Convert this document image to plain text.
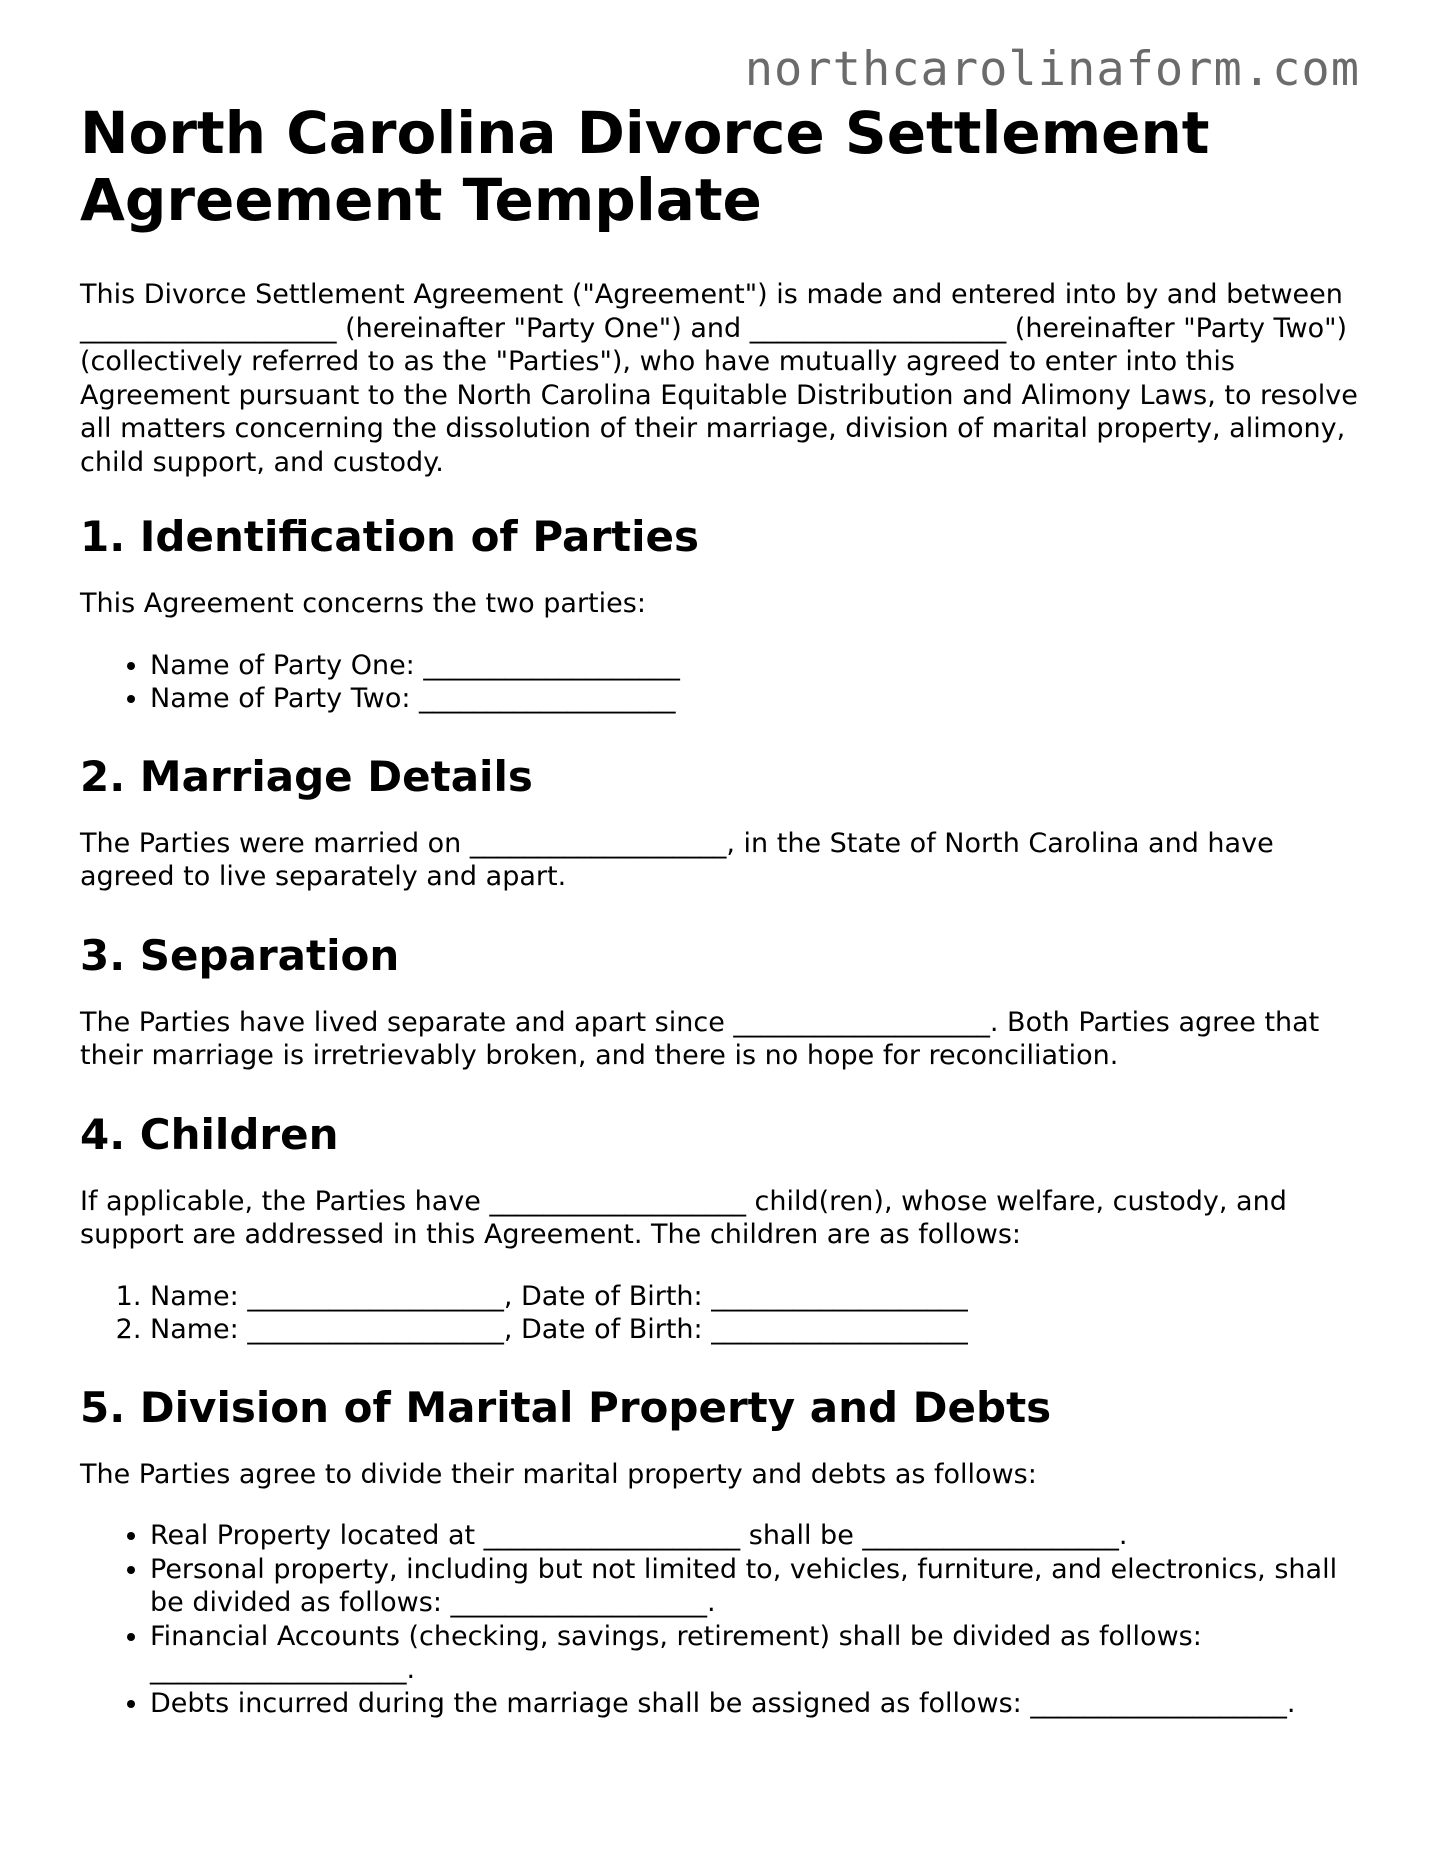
northcarolinaform.com
North Carolina Divorce Settlement Agreement Template

This Divorce Settlement Agreement ("Agreement") is made and entered into by and between ___________________ (hereinafter "Party One") and ___________________ (hereinafter "Party Two") (collectively referred to as the "Parties"), who have mutually agreed to enter into this Agreement pursuant to the North Carolina Equitable Distribution and Alimony Laws, to resolve all matters concerning the dissolution of their marriage, division of marital property, alimony, child support, and custody.

1. Identification of Parties

This Agreement concerns the two parties:

• Name of Party One: ___________________
• Name of Party Two: ___________________
2. Marriage Details

The Parties were married on ___________________, in the State of North Carolina and have agreed to live separately and apart.

3. Separation

The Parties have lived separate and apart since ___________________. Both Parties agree that their marriage is irretrievably broken, and there is no hope for reconciliation.

4. Children

If applicable, the Parties have ___________________ child(ren), whose welfare, custody, and support are addressed in this Agreement. The children are as follows:

1. Name: ___________________, Date of Birth: ___________________
2. Name: ___________________, Date of Birth: ___________________
5. Division of Marital Property and Debts

The Parties agree to divide their marital property and debts as follows:

• Real Property located at ___________________ shall be ___________________.
• Personal property, including but not limited to, vehicles, furniture, and electronics, shall be divided as follows: ___________________.
• Financial Accounts (checking, savings, retirement) shall be divided as follows: ___________________.
• Debts incurred during the marriage shall be assigned as follows: ___________________.
